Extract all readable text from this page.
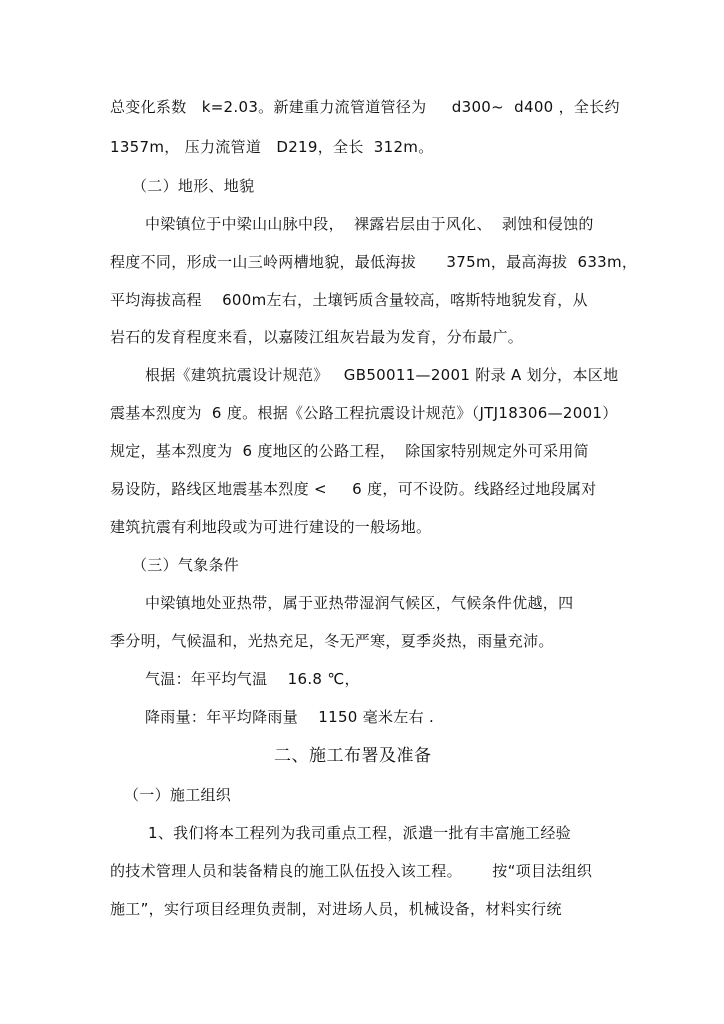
总变化系数   k=2.03。新建重力流管道管径为     d300~  d400 ，全长约
1357m， 压力流管道   D219，全长  312m。
（二）地形、地貌
中梁镇位于中梁山山脉中段，  裸露岩层由于风化、  剥蚀和侵蚀的
程度不同，形成一山三岭两槽地貌，最低海拔      375m，最高海拔  633m，
平均海拔高程    600m左右，土壤钙质含量较高，喀斯特地貌发育，从
岩石的发育程度来看，以嘉陵江组灰岩最为发育，分布最广。
根据《建筑抗震设计规范》   GB50011—2001 附录 A 划分，本区地
震基本烈度为  6 度。根据《公路工程抗震设计规范》（JTJ18306—2001）
规定，基本烈度为  6 度地区的公路工程，  除国家特别规定外可采用简
易设防，路线区地震基本烈度 <     6 度，可不设防。线路经过地段属对
建筑抗震有利地段或为可进行建设的一般场地。
（三）气象条件
中梁镇地处亚热带，属于亚热带湿润气候区，气候条件优越，四
季分明，气候温和，光热充足，冬无严寒，夏季炎热，雨量充沛。
气温：年平均气温    16.8 ℃，
降雨量：年平均降雨量    1150 毫米左右 .
二、施工布署及准备
（一）施工组织
1、我们将本工程列为我司重点工程，派遣一批有丰富施工经验
的技术管理人员和装备精良的施工队伍投入该工程。      按“项目法组织
施工”，实行项目经理负责制，对进场人员，机械设备，材料实行统
